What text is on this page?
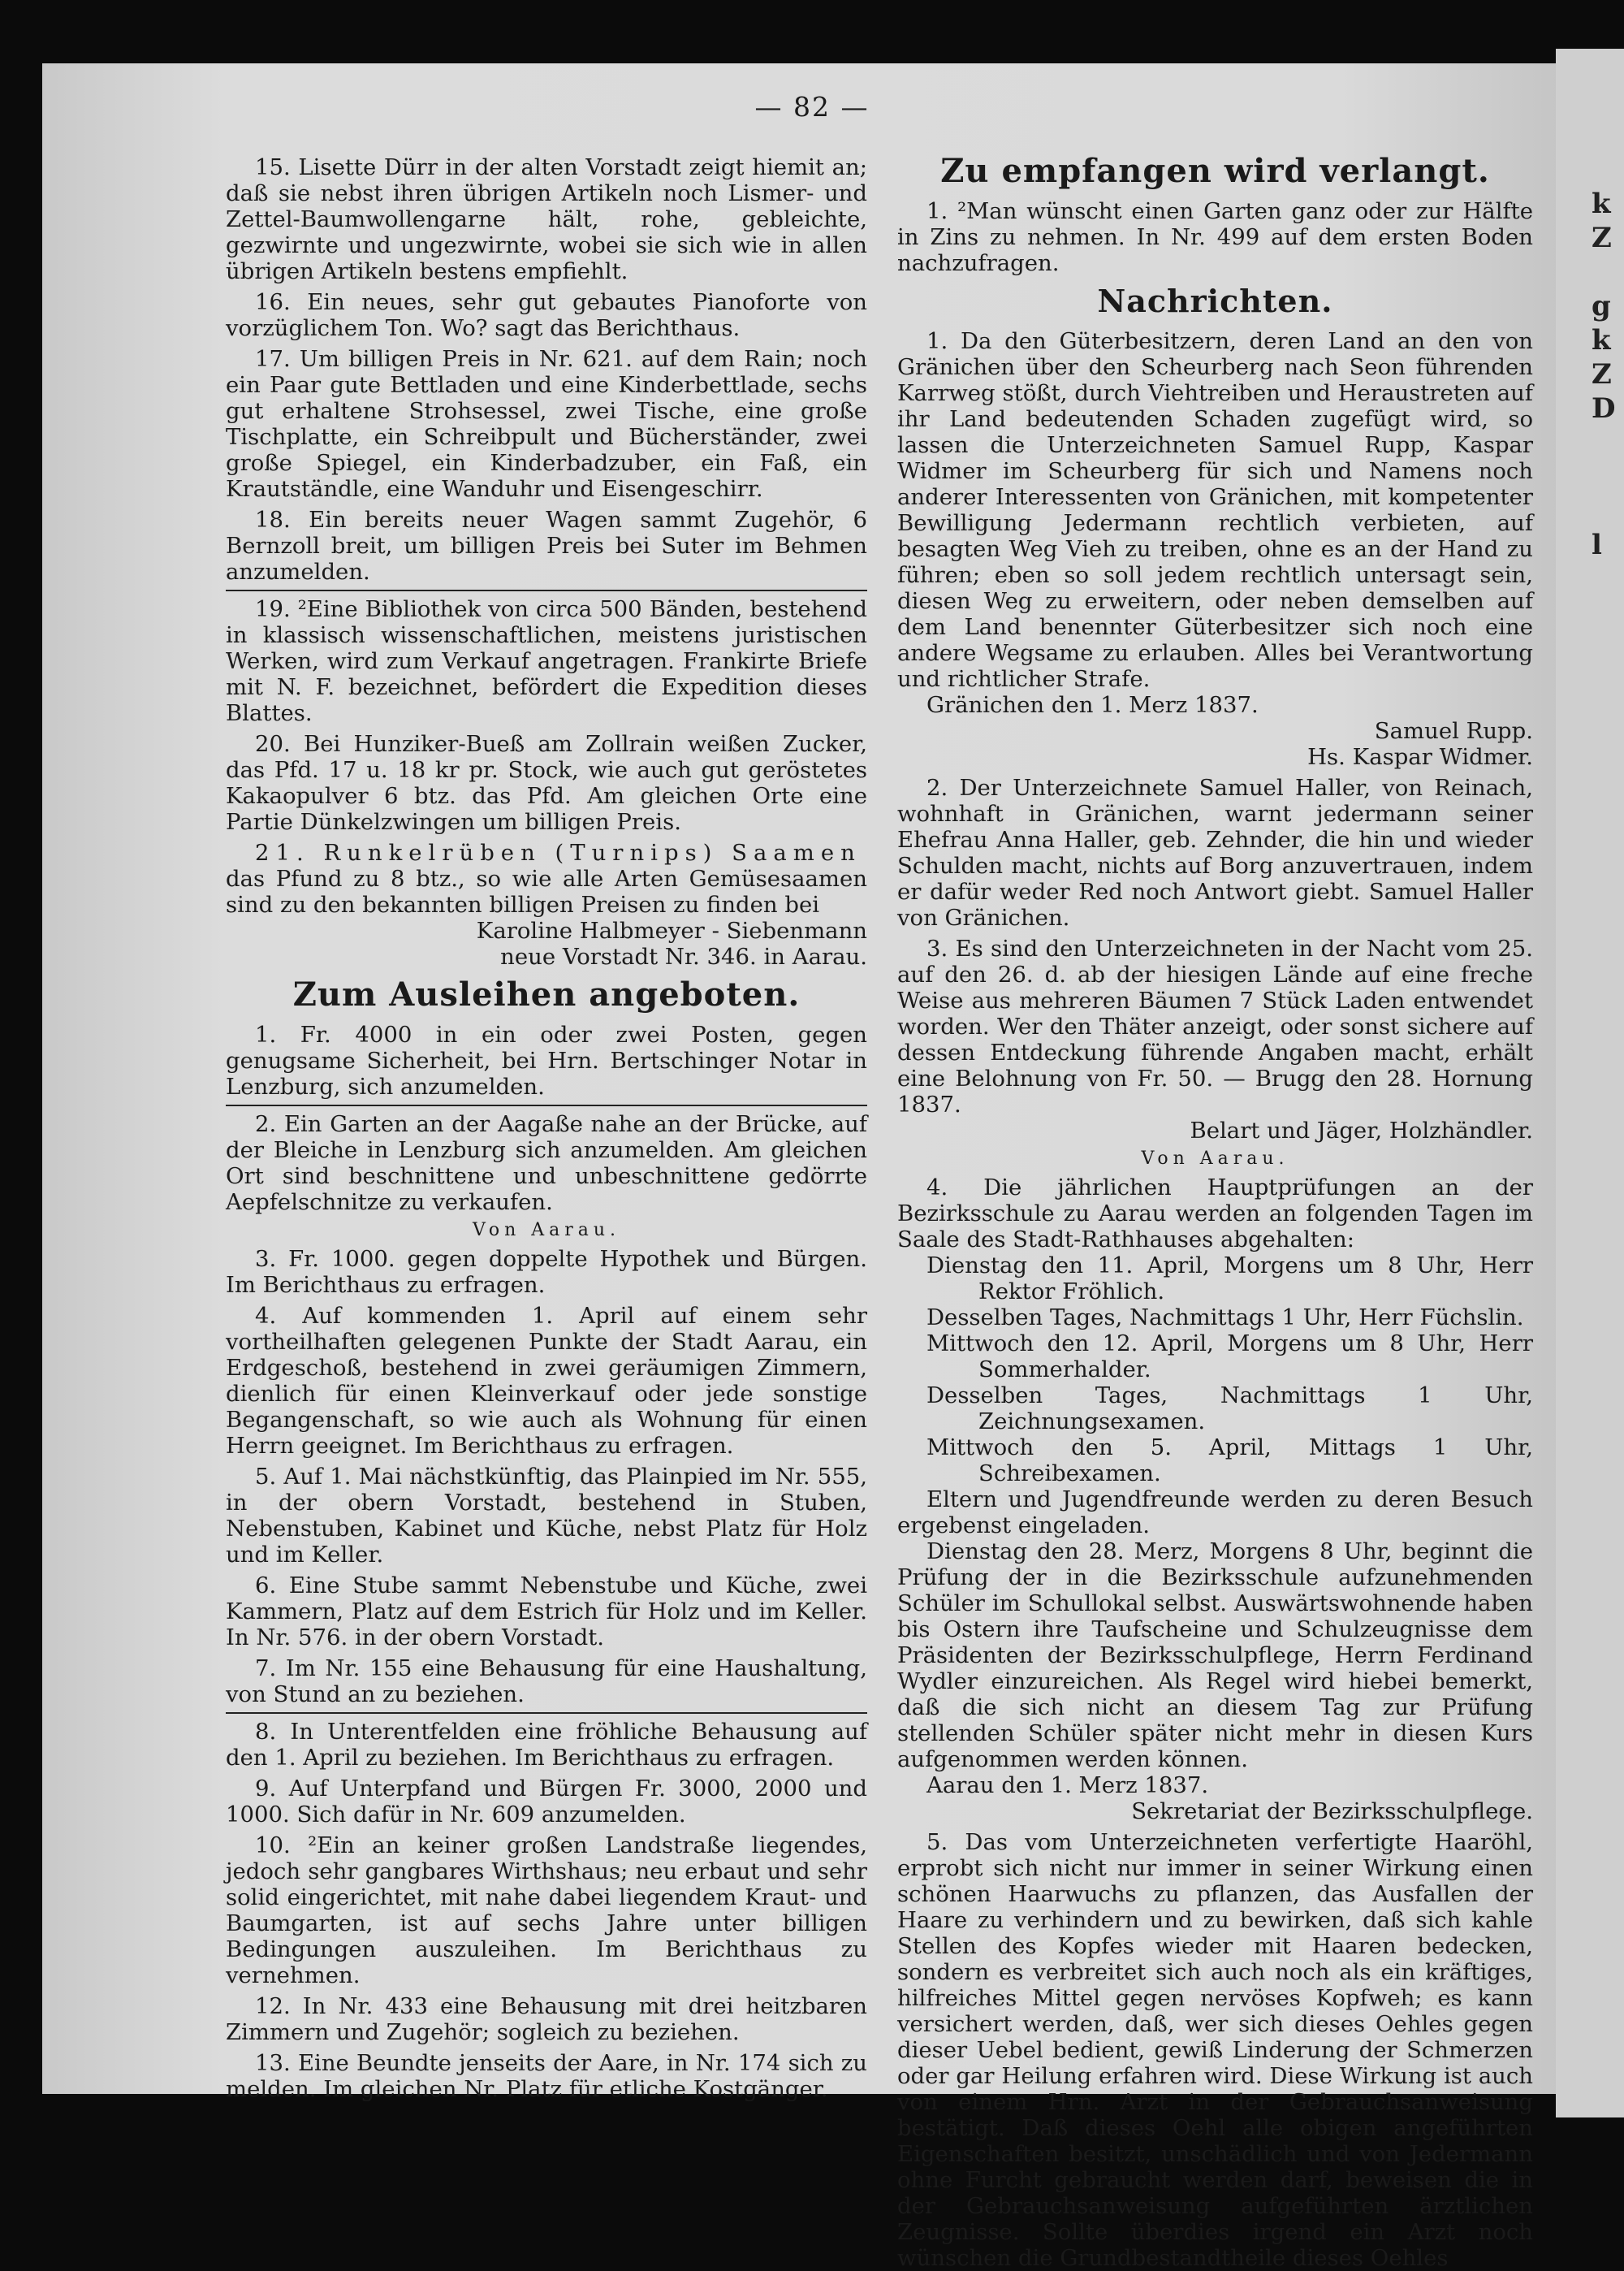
k
Z

g
k
Z
D

l
— 82 —

15. Lisette Dürr in der alten Vorstadt zeigt hiemit an; daß sie nebst ihren übrigen Artikeln noch Lismer- und Zettel-Baumwollengarne hält, rohe, gebleichte, gezwirnte und ungezwirnte, wobei sie sich wie in allen übrigen Artikeln bestens empfiehlt.

16. Ein neues, sehr gut gebautes Pianoforte von vorzüglichem Ton. Wo? sagt das Berichthaus.

17. Um billigen Preis in Nr. 621. auf dem Rain; noch ein Paar gute Bettladen und eine Kinderbettlade, sechs gut erhaltene Strohsessel, zwei Tische, eine große Tischplatte, ein Schreibpult und Bücherständer, zwei große Spiegel, ein Kinderbadzuber, ein Faß, ein Krautständle, eine Wanduhr und Eisengeschirr.

18. Ein bereits neuer Wagen sammt Zugehör, 6 Bernzoll breit, um billigen Preis bei Suter im Behmen anzumelden.

19. ²Eine Bibliothek von circa 500 Bänden, bestehend in klassisch wissenschaftlichen, meistens juristischen Werken, wird zum Verkauf angetragen. Frankirte Briefe mit N. F. bezeichnet, befördert die Expedition dieses Blattes.

20. Bei Hunziker-Bueß am Zollrain weißen Zucker, das Pfd. 17 u. 18 kr pr. Stock, wie auch gut geröstetes Kakaopulver 6 btz. das Pfd. Am gleichen Orte eine Partie Dünkelzwingen um billigen Preis.

21. Runkelrüben (Turnips) Saamen

das Pfund zu 8 btz., so wie alle Arten Gemüsesaamen sind zu den bekannten billigen Preisen zu finden bei

Karoline Halbmeyer - Siebenmann

neue Vorstadt Nr. 346. in Aarau.

Zum Ausleihen angeboten.

1. Fr. 4000 in ein oder zwei Posten, gegen genugsame Sicherheit, bei Hrn. Bertschinger Notar in Lenzburg, sich anzumelden.

2. Ein Garten an der Aagaße nahe an der Brücke, auf der Bleiche in Lenzburg sich anzumelden. Am gleichen Ort sind beschnittene und unbeschnittene gedörrte Aepfelschnitze zu verkaufen.

Von Aarau.

3. Fr. 1000. gegen doppelte Hypothek und Bürgen. Im Berichthaus zu erfragen.

4. Auf kommenden 1. April auf einem sehr vortheilhaften gelegenen Punkte der Stadt Aarau, ein Erdgeschoß, bestehend in zwei geräumigen Zimmern, dienlich für einen Kleinverkauf oder jede sonstige Begangenschaft, so wie auch als Wohnung für einen Herrn geeignet. Im Berichthaus zu erfragen.

5. Auf 1. Mai nächstkünftig, das Plainpied im Nr. 555, in der obern Vorstadt, bestehend in Stuben, Nebenstuben, Kabinet und Küche, nebst Platz für Holz und im Keller.

6. Eine Stube sammt Nebenstube und Küche, zwei Kammern, Platz auf dem Estrich für Holz und im Keller. In Nr. 576. in der obern Vorstadt.

7. Im Nr. 155 eine Behausung für eine Haushaltung, von Stund an zu beziehen.

8. In Unterentfelden eine fröhliche Behausung auf den 1. April zu beziehen. Im Berichthaus zu erfragen.

9. Auf Unterpfand und Bürgen Fr. 3000, 2000 und 1000. Sich dafür in Nr. 609 anzumelden.

10. ²Ein an keiner großen Landstraße liegendes, jedoch sehr gangbares Wirthshaus; neu erbaut und sehr solid eingerichtet, mit nahe dabei liegendem Kraut- und Baumgarten, ist auf sechs Jahre unter billigen Bedingungen auszuleihen. Im Berichthaus zu vernehmen.

12. In Nr. 433 eine Behausung mit drei heitzbaren Zimmern und Zugehör; sogleich zu beziehen.

13. Eine Beundte jenseits der Aare, in Nr. 174 sich zu melden. Im gleichen Nr. Platz für etliche Kostgänger.

Zu empfangen wird verlangt.

1. ²Man wünscht einen Garten ganz oder zur Hälfte in Zins zu nehmen. In Nr. 499 auf dem ersten Boden nachzufragen.

Nachrichten.

1. Da den Güterbesitzern, deren Land an den von Gränichen über den Scheurberg nach Seon führenden Karrweg stößt, durch Viehtreiben und Heraustreten auf ihr Land bedeutenden Schaden zugefügt wird, so lassen die Unterzeichneten Samuel Rupp, Kaspar Widmer im Scheurberg für sich und Namens noch anderer Interessenten von Gränichen, mit kompetenter Bewilligung Jedermann rechtlich verbieten, auf besagten Weg Vieh zu treiben, ohne es an der Hand zu führen; eben so soll jedem rechtlich untersagt sein, diesen Weg zu erweitern, oder neben demselben auf dem Land benennter Güterbesitzer sich noch eine andere Wegsame zu erlauben. Alles bei Verantwortung und richtlicher Strafe.

Gränichen den 1. Merz 1837.

Samuel Rupp.

Hs. Kaspar Widmer.

2. Der Unterzeichnete Samuel Haller, von Reinach, wohnhaft in Gränichen, warnt jedermann seiner Ehefrau Anna Haller, geb. Zehnder, die hin und wieder Schulden macht, nichts auf Borg anzuvertrauen, indem er dafür weder Red noch Antwort giebt. Samuel Haller von Gränichen.

3. Es sind den Unterzeichneten in der Nacht vom 25. auf den 26. d. ab der hiesigen Lände auf eine freche Weise aus mehreren Bäumen 7 Stück Laden entwendet worden. Wer den Thäter anzeigt, oder sonst sichere auf dessen Entdeckung führende Angaben macht, erhält eine Belohnung von Fr. 50. — Brugg den 28. Hornung 1837.

Belart und Jäger, Holzhändler.

Von Aarau.

4. Die jährlichen Hauptprüfungen an der Bezirksschule zu Aarau werden an folgenden Tagen im Saale des Stadt-Rathhauses abgehalten:

Dienstag den 11. April, Morgens um 8 Uhr, Herr Rektor Fröhlich.

Desselben Tages, Nachmittags 1 Uhr, Herr Füchslin.

Mittwoch den 12. April, Morgens um 8 Uhr, Herr Sommerhalder.

Desselben Tages, Nachmittags 1 Uhr, Zeichnungsexamen.

Mittwoch den 5. April, Mittags 1 Uhr, Schreibexamen.

Eltern und Jugendfreunde werden zu deren Besuch ergebenst eingeladen.

Dienstag den 28. Merz, Morgens 8 Uhr, beginnt die Prüfung der in die Bezirksschule aufzunehmenden Schüler im Schullokal selbst. Auswärtswohnende haben bis Ostern ihre Taufscheine und Schulzeugnisse dem Präsidenten der Bezirksschulpflege, Herrn Ferdinand Wydler einzureichen. Als Regel wird hiebei bemerkt, daß die sich nicht an diesem Tag zur Prüfung stellenden Schüler später nicht mehr in diesen Kurs aufgenommen werden können.

Aarau den 1. Merz 1837.

Sekretariat der Bezirksschulpflege.

5. Das vom Unterzeichneten verfertigte Haaröhl, erprobt sich nicht nur immer in seiner Wirkung einen schönen Haarwuchs zu pflanzen, das Ausfallen der Haare zu verhindern und zu bewirken, daß sich kahle Stellen des Kopfes wieder mit Haaren bedecken, sondern es verbreitet sich auch noch als ein kräftiges, hilfreiches Mittel gegen nervöses Kopfweh; es kann versichert werden, daß, wer sich dieses Oehles gegen dieser Uebel bedient, gewiß Linderung der Schmerzen oder gar Heilung erfahren wird. Diese Wirkung ist auch von einem Hrn. Arzt in der Gebrauchsanweisung bestätigt. Daß dieses Oehl alle obigen angeführten Eigenschaften besitzt, unschädlich und von Jedermann ohne Furcht gebraucht werden darf, beweisen die in der Gebrauchsanweisung aufgeführten ärztlichen Zeugnisse. Sollte überdies irgend ein Arzt noch wünschen die Grundbestandtheile dieses Oehles
